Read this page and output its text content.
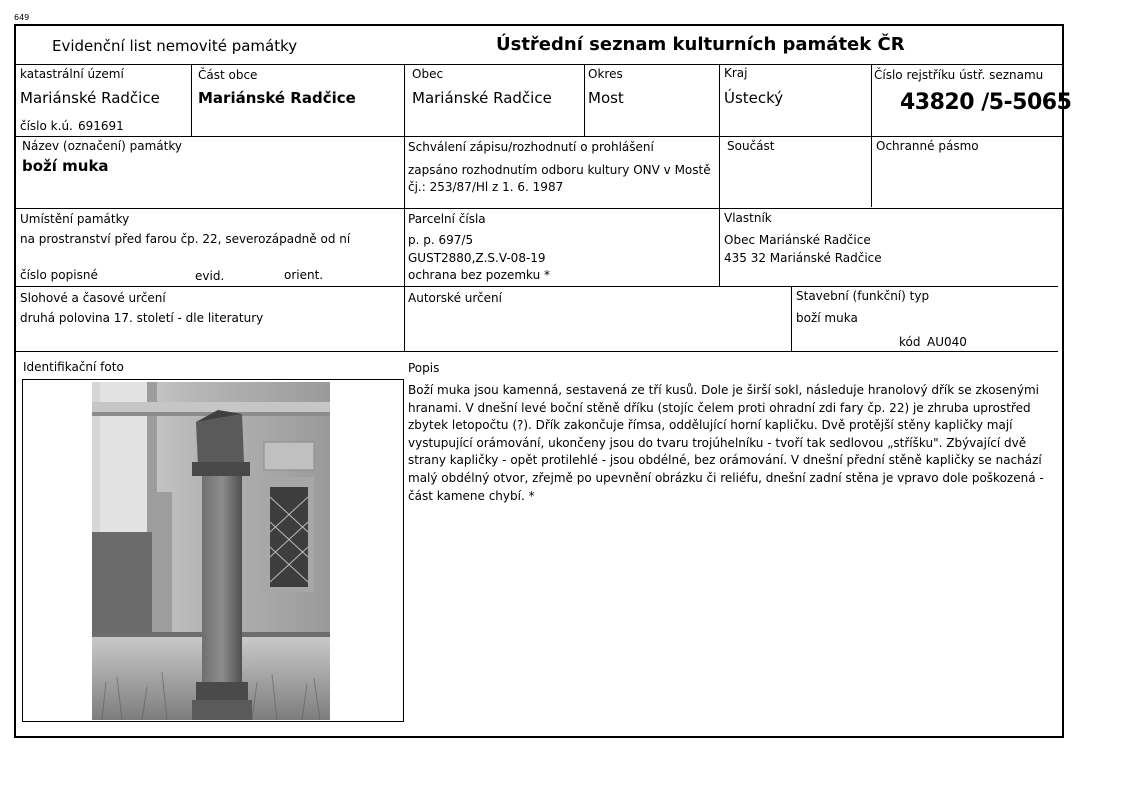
649
Evidenční list nemovité památky	Ústřední seznam kulturních památek ČR
katastrální území
Mariánské Radčice
číslo k.ú. 691691
Část obce
Mariánské Radčice
Obec
Mariánské Radčice
Okres
Most
Kraj
Ústecký
Číslo rejstříku ústř. seznamu
43820 /5-5065
Název (označení) památky
boží muka
Schválení zápisu/rozhodnutí o prohlášení
zapsáno rozhodnutím odboru kultury ONV v Mostě
čj.: 253/87/Hl z 1. 6. 1987
Součást	Ochranné pásmo
Umístění památky
na prostranství před farou čp. 22, severozápadně od ní
číslo popisné	evid.	orient.
Parcelní čísla
p. p. 697/5
GUST2880,Z.S.V-08-19
ochrana bez pozemku *
Vlastník
Obec Mariánské Radčice
435 32 Mariánské Radčice
Slohové a časové určení
druhá polovina 17. století - dle literatury
Autorské určení	Stavební (funkční) typ
boží muka
kód AU040
Identifikační foto	Popis
Boží muka jsou kamenná, sestavená ze tří kusů. Dole je širší sokl, následuje hranolový dřík se zkosenými hranami. V dnešní levé boční stěně dříku (stojíc čelem proti ohradní zdi fary čp. 22) je zhruba uprostřed zbytek letopočtu (?). Dřík zakončuje římsa, oddělující horní kapličku. Dvě protější stěny kapličky mají vystupující orámování, ukončeny jsou do tvaru trojúhelníku - tvoří tak sedlovou „stříšku". Zbývající dvě strany kapličky - opět protilehlé - jsou obdélné, bez orámování. V dnešní přední stěně kapličky se nachází malý obdélný otvor, zřejmě po upevnění obrázku či reliéfu, dnešní zadní stěna je vpravo dole poškozená - část kamene chybí. *
